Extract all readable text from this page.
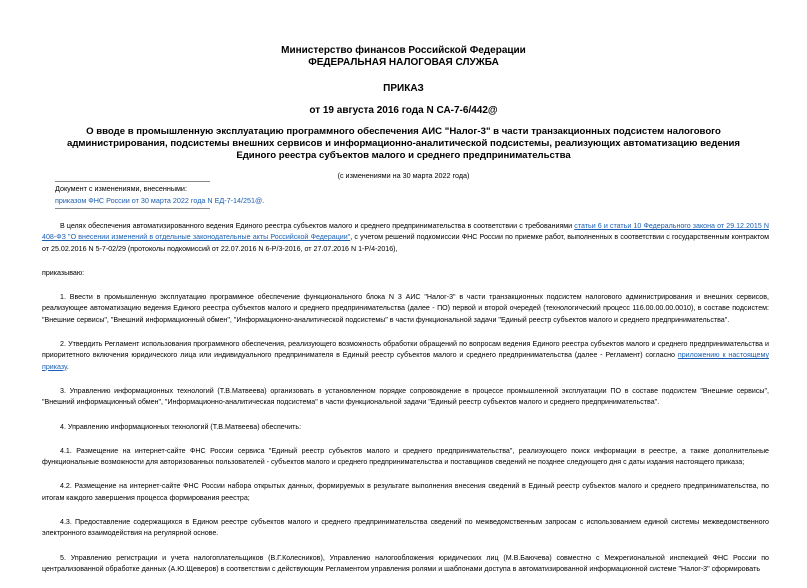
Министерство финансов Российской Федерации
ФЕДЕРАЛЬНАЯ НАЛОГОВАЯ СЛУЖБА
ПРИКАЗ
от 19 августа 2016 года N СА-7-6/442@
О вводе в промышленную эксплуатацию программного обеспечения АИС "Налог-3" в части транзакционных подсистем налогового администрирования, подсистемы внешних сервисов и информационно-аналитической подсистемы, реализующих автоматизацию ведения Единого реестра субъектов малого и среднего предпринимательства
(с изменениями на 30 марта 2022 года)
Документ с изменениями, внесенными:
приказом ФНС России от 30 марта 2022 года N ЕД-7-14/251@.

В целях обеспечения автоматизированного ведения Единого реестра субъектов малого и среднего предпринимательства в соответствии с требованиями статьи 6 и статьи 10 Федерального закона от 29.12.2015 N 408-ФЗ "О внесении изменений в отдельные законодательные акты Российской Федерации", с учетом решений подкомиссии ФНС России по приемке работ, выполненных в соответствии с государственным контрактом от 25.02.2016 N 5-7-02/29 (протоколы подкомиссий от 22.07.2016 N 6-Р/3-2016, от 27.07.2016 N 1-Р/4-2016),

приказываю:

1. Ввести в промышленную эксплуатацию программное обеспечение функционального блока N 3 АИС "Налог-3" в части транзакционных подсистем налогового администрирования и внешних сервисов, реализующее автоматизацию ведения Единого реестра субъектов малого и среднего предпринимательства (далее - ПО) первой и второй очередей (технологический процесс 116.00.00.00.0010), в составе подсистем: "Внешние сервисы", "Внешний информационный обмен", "Информационно-аналитической подсистемы" в части функциональной задачи "Единый реестр субъектов малого и среднего предпринимательства".

2. Утвердить Регламент использования программного обеспечения, реализующего возможность обработки обращений по вопросам ведения Единого реестра субъектов малого и среднего предпринимательства и приоритетного включения юридического лица или индивидуального предпринимателя в Единый реестр субъектов малого и среднего предпринимательства (далее - Регламент) согласно приложению к настоящему приказу.

3. Управлению информационных технологий (Т.В.Матвеева) организовать в установленном порядке сопровождение в процессе промышленной эксплуатации ПО в составе подсистем "Внешние сервисы", "Внешний информационный обмен", "Информационно-аналитическая подсистема" в части функциональной задачи "Единый реестр субъектов малого и среднего предпринимательства".

4. Управлению информационных технологий (Т.В.Матвеева) обеспечить:

4.1. Размещение на интернет-сайте ФНС России сервиса "Единый реестр субъектов малого и среднего предпринимательства", реализующего поиск информации в реестре, а также дополнительные функциональные возможности для авторизованных пользователей - субъектов малого и среднего предпринимательства и поставщиков сведений не позднее следующего дня с даты издания настоящего приказа;

4.2. Размещение на интернет-сайте ФНС России набора открытых данных, формируемых в результате выполнения внесения сведений в Единый реестр субъектов малого и среднего предпринимательства, по итогам каждого завершения процесса формирования реестра;

4.3. Предоставление содержащихся в Едином реестре субъектов малого и среднего предпринимательства сведений по межведомственным запросам с использованием единой системы межведомственного электронного взаимодействия на регулярной основе.

5. Управлению регистрации и учета налогоплательщиков (В.Г.Колесников), Управлению налогообложения юридических лиц (М.В.Баючева) совместно с Межрегиональной инспекцией ФНС России по централизованной обработке данных (А.Ю.Щеверов) в соответствии с действующим Регламентом управления ролями и шаблонами доступа в автоматизированной информационной системе "Налог-3" сформировать
